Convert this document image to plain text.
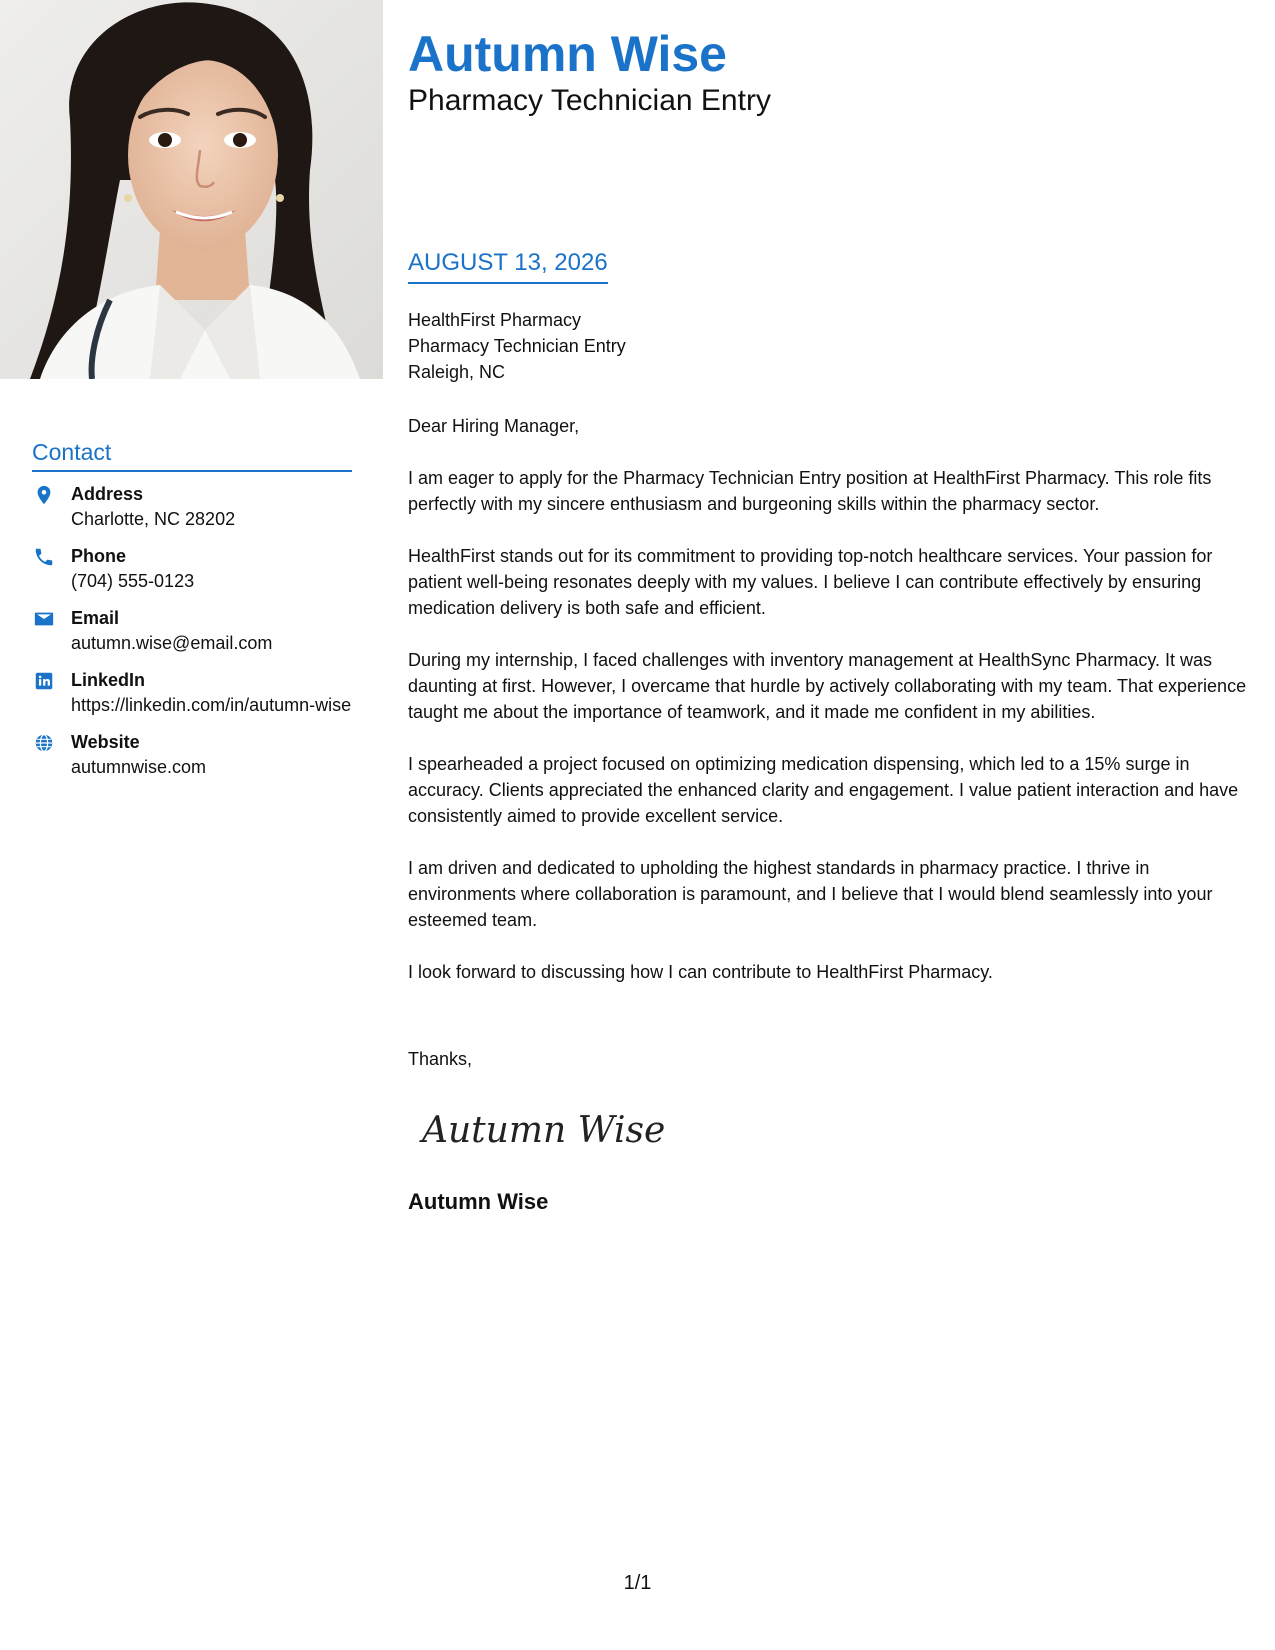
Contact
Address
Charlotte, NC 28202
Phone
(704) 555-0123
Email
autumn.wise@email.com
LinkedIn
https://linkedin.com/in/autumn-wise
Website
autumnwise.com
Autumn Wise
Pharmacy Technician Entry
AUGUST 13, 2026
HealthFirst Pharmacy
Pharmacy Technician Entry
Raleigh, NC

Dear Hiring Manager,

I am eager to apply for the Pharmacy Technician Entry position at HealthFirst Pharmacy. This role fits perfectly with my sincere enthusiasm and burgeoning skills within the pharmacy sector.

HealthFirst stands out for its commitment to providing top-notch healthcare services. Your passion for patient well-being resonates deeply with my values. I believe I can contribute effectively by ensuring medication delivery is both safe and efficient.

During my internship, I faced challenges with inventory management at HealthSync Pharmacy. It was daunting at first. However, I overcame that hurdle by actively collaborating with my team. That experience taught me about the importance of teamwork, and it made me confident in my abilities.

I spearheaded a project focused on optimizing medication dispensing, which led to a 15% surge in accuracy. Clients appreciated the enhanced clarity and engagement. I value patient interaction and have consistently aimed to provide excellent service.

I am driven and dedicated to upholding the highest standards in pharmacy practice. I thrive in environments where collaboration is paramount, and I believe that I would blend seamlessly into your esteemed team.

I look forward to discussing how I can contribute to HealthFirst Pharmacy.

Thanks,
Autumn Wise
Autumn Wise
1/1
